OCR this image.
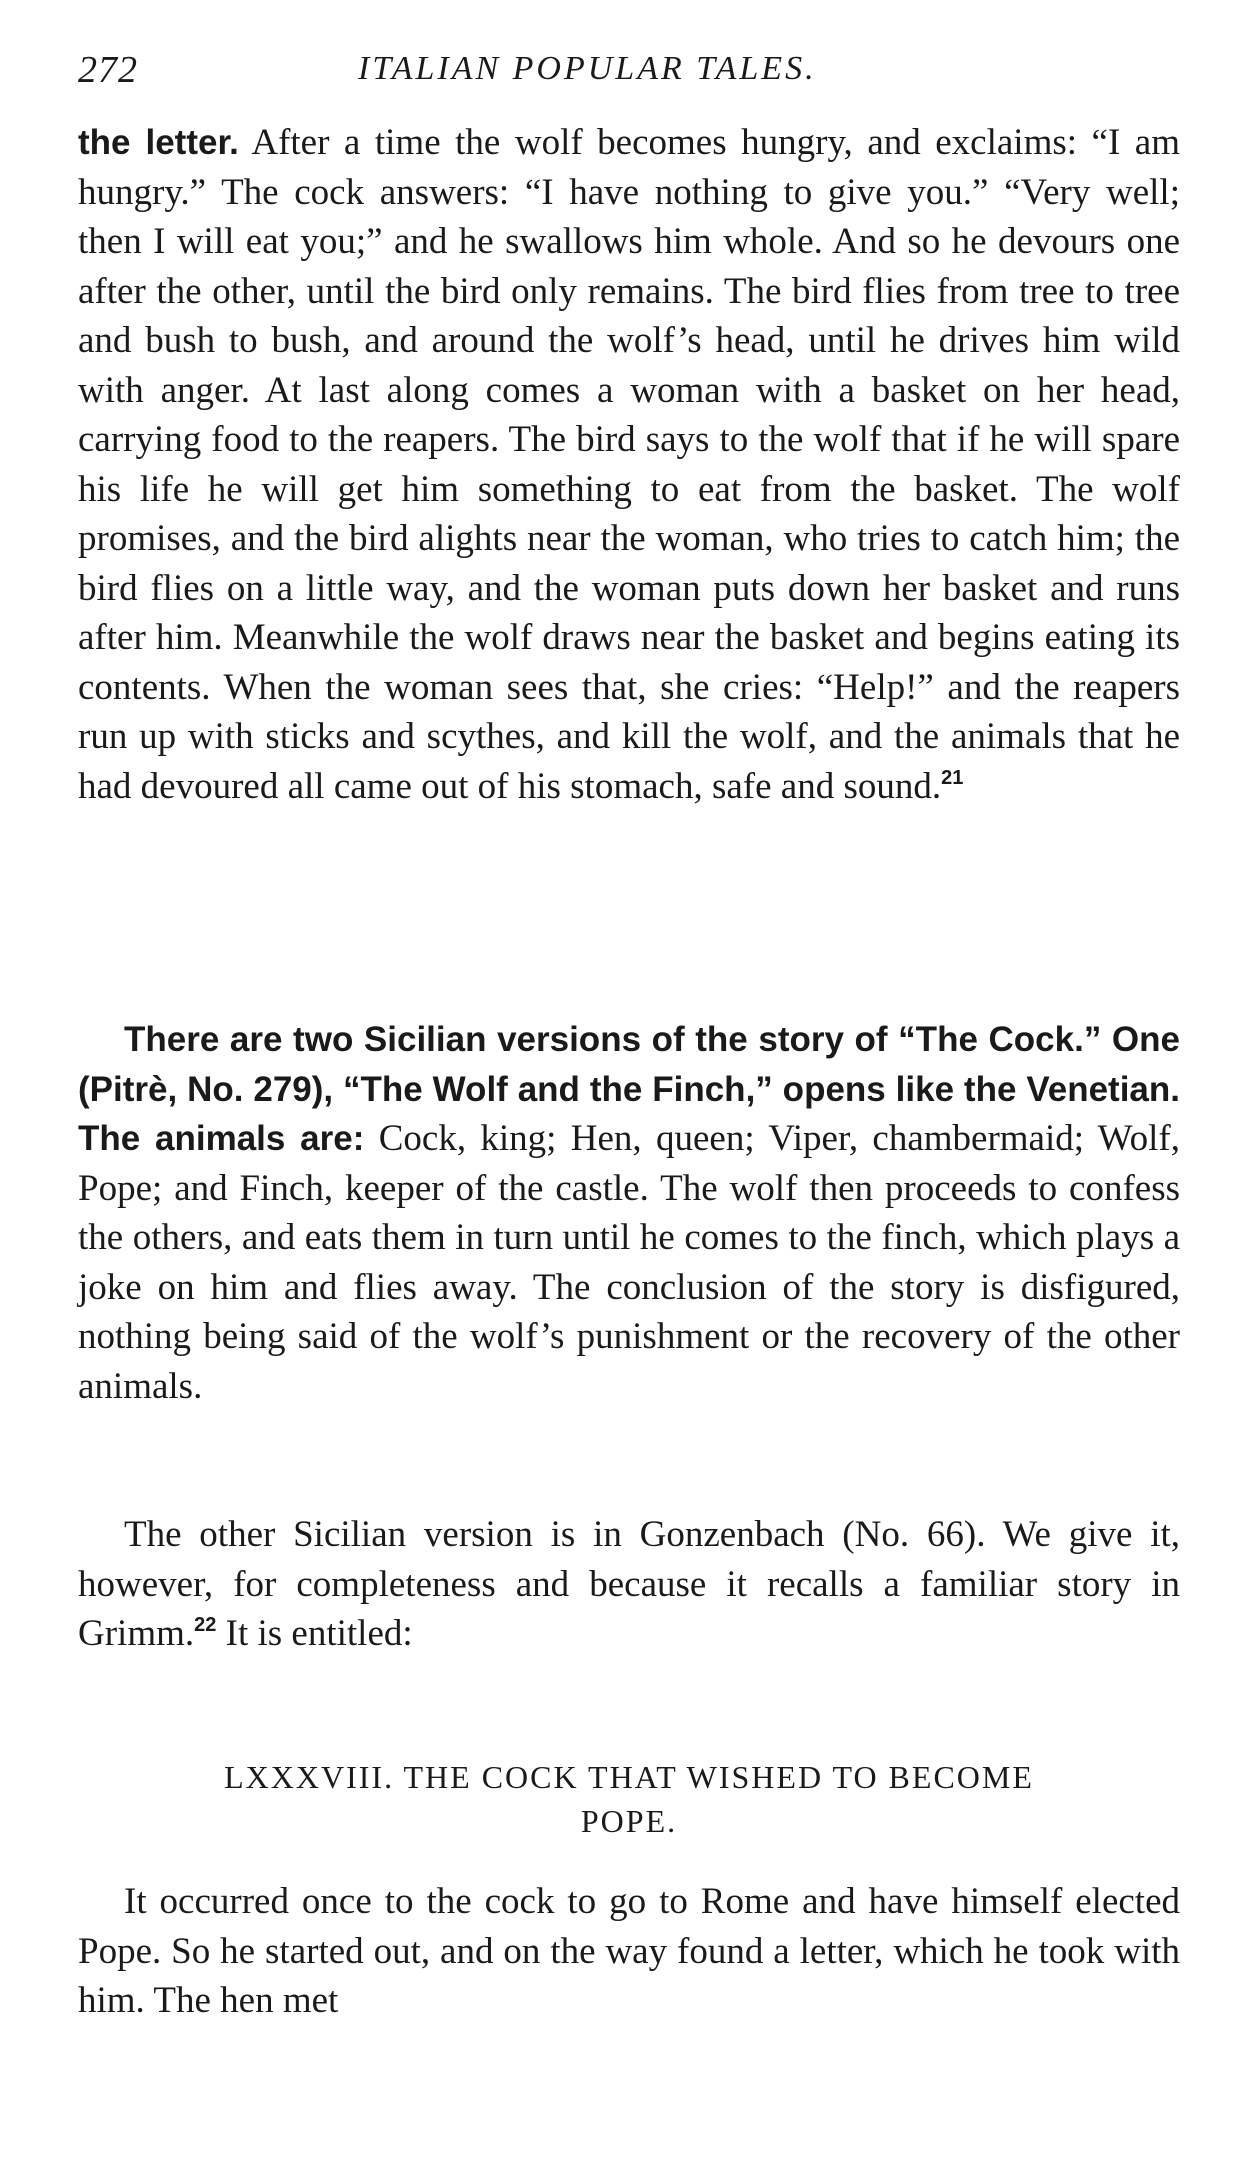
272	ITALIAN POPULAR TALES.

the letter. After a time the wolf becomes hungry, and exclaims: “I am hungry.” The cock answers: “I have nothing to give you.” “Very well; then I will eat you;” and he swallows him whole. And so he devours one after the other, until the bird only remains. The bird flies from tree to tree and bush to bush, and around the wolf’s head, until he drives him wild with anger. At last along comes a woman with a basket on her head, carrying food to the reapers. The bird says to the wolf that if he will spare his life he will get him something to eat from the basket. The wolf promises, and the bird alights near the woman, who tries to catch him; the bird flies on a little way, and the woman puts down her basket and runs after him. Meanwhile the wolf draws near the basket and begins eating its contents. When the woman sees that, she cries: “Help!” and the reapers run up with sticks and scythes, and kill the wolf, and the animals that he had devoured all came out of his stomach, safe and sound.$^{21}$

There are two Sicilian versions of the story of “The Cock.” One (Pitrè, No. 279), “The Wolf and the Finch,” opens like the Venetian. The animals are: Cock, king; Hen, queen; Viper, chambermaid; Wolf, Pope; and Finch, keeper of the castle. The wolf then proceeds to confess the others, and eats them in turn until he comes to the finch, which plays a joke on him and flies away. The conclusion of the story is disfigured, nothing being said of the wolf’s punishment or the recovery of the other animals.

The other Sicilian version is in Gonzenbach (No. 66). We give it, however, for completeness and because it recalls a familiar story in Grimm.$^{22}$ It is entitled:

LXXXVIII. THE COCK THAT WISHED TO BECOME
POPE.

It occurred once to the cock to go to Rome and have himself elected Pope. So he started out, and on the way found a letter, which he took with him. The hen met
